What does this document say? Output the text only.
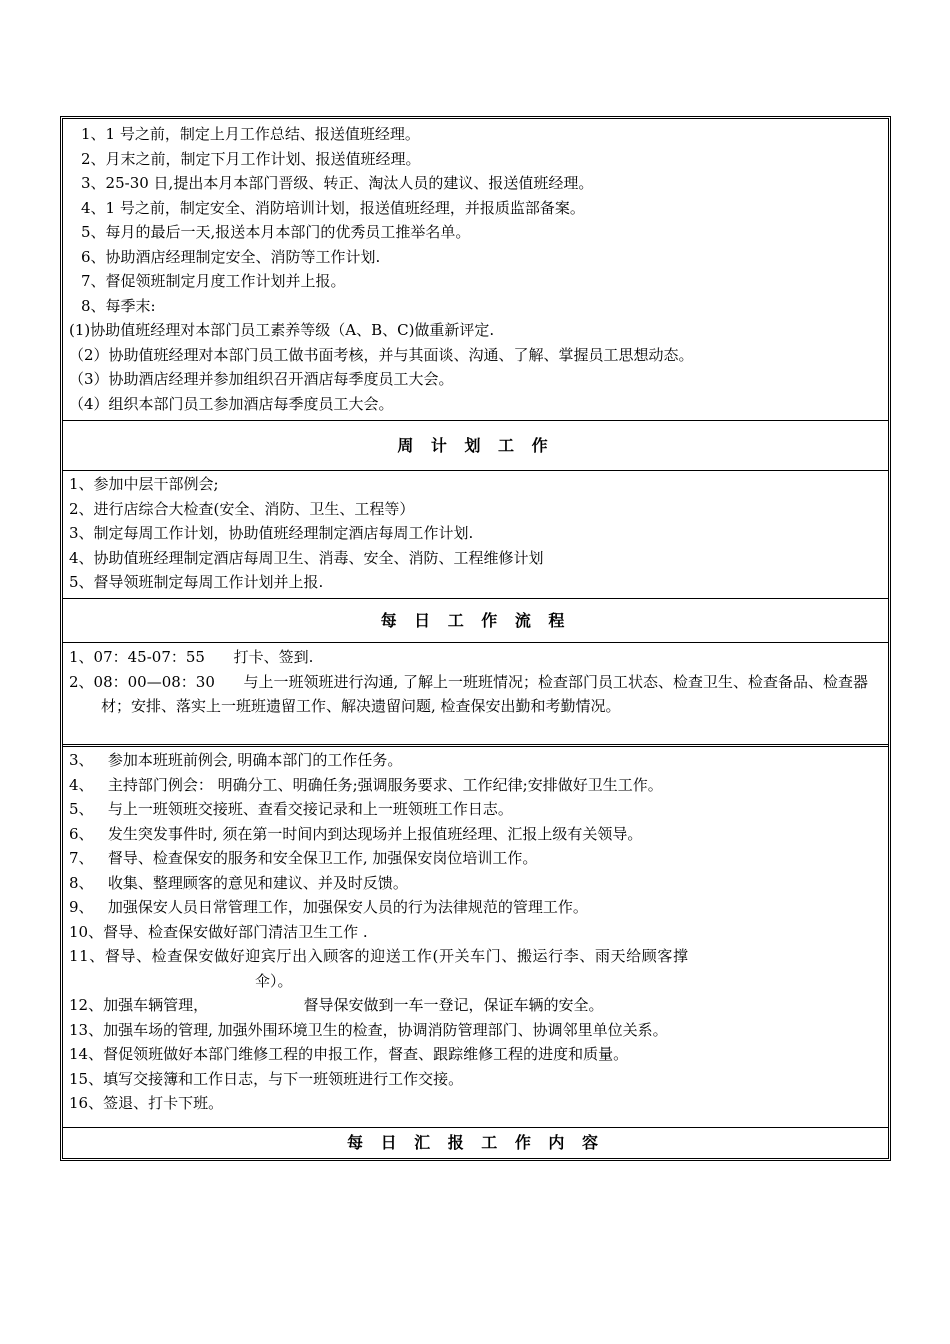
1、1 号之前，制定上月工作总结、报送值班经理。
2、月末之前，制定下月工作计划、报送值班经理。
3、25-30 日,提出本月本部门晋级、转正、淘汰人员的建议、报送值班经理。
4、1 号之前，制定安全、消防培训计划，报送值班经理，并报质监部备案。
5、每月的最后一天,报送本月本部门的优秀员工推举名单。
6、协助酒店经理制定安全、消防等工作计划.
7、督促领班制定月度工作计划并上报。
8、每季末:
(1)协助值班经理对本部门员工素养等级（A、B、C)做重新评定.
（2）协助值班经理对本部门员工做书面考核，并与其面谈、沟通、了解、掌握员工思想动态。
（3）协助酒店经理并参加组织召开酒店每季度员工大会。
（4）组织本部门员工参加酒店每季度员工大会。
周 计 划 工 作
1、参加中层干部例会;
2、进行店综合大检查(安全、消防、卫生、工程等）
3、制定每周工作计划，协助值班经理制定酒店每周工作计划.
4、协助值班经理制定酒店每周卫生、消毒、安全、消防、工程维修计划
5、督导领班制定每周工作计划并上报.
每 日 工 作 流 程
1、07：45-07：55      打卡、签到.
2、08：00—08：30      与上一班领班进行沟通, 了解上一班班情况；检查部门员工状态、检查卫生、检查备品、检查器材；安排、落实上一班班遗留工作、解决遗留问题, 检查保安出勤和考勤情况。
3、   参加本班班前例会, 明确本部门的工作任务。
4、   主持部门例会： 明确分工、明确任务;强调服务要求、工作纪律;安排做好卫生工作。
5、   与上一班领班交接班、查看交接记录和上一班领班工作日志。
6、   发生突发事件时, 须在第一时间内到达现场并上报值班经理、汇报上级有关领导。
7、   督导、检查保安的服务和安全保卫工作, 加强保安岗位培训工作。
8、   收集、整理顾客的意见和建议、并及时反馈。
9、   加强保安人员日常管理工作，加强保安人员的行为法律规范的管理工作。
10、督导、检查保安做好部门清洁卫生工作 .
11、督导、检查保安做好迎宾厅出入顾客的迎送工作(开关车门、搬运行李、雨天给顾客撑
伞）。
12、加强车辆管理，                    督导保安做到一车一登记，保证车辆的安全。
13、加强车场的管理, 加强外围环境卫生的检查，协调消防管理部门、协调邻里单位关系。
14、督促领班做好本部门维修工程的申报工作，督查、跟踪维修工程的进度和质量。
15、填写交接簿和工作日志，与下一班领班进行工作交接。
16、签退、打卡下班。
每 日 汇 报 工 作 内 容
